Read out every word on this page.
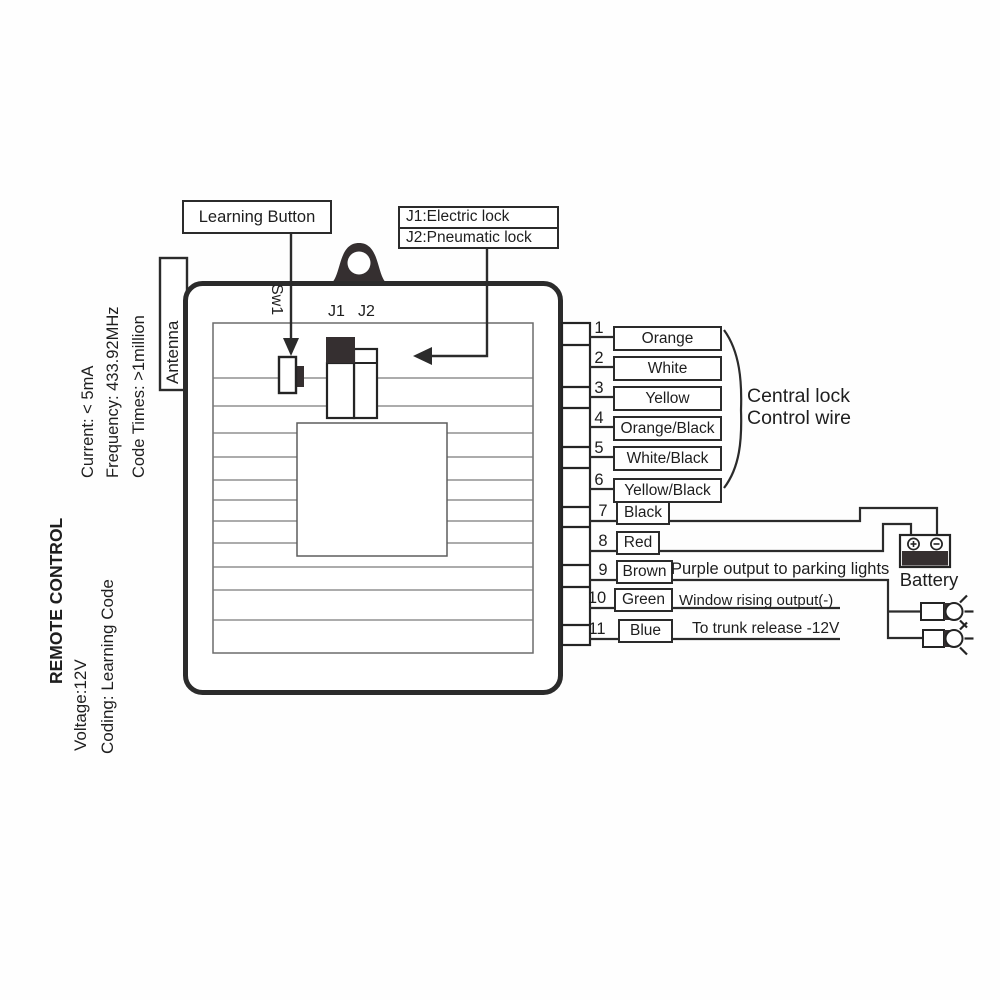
Learning Button	J1:Electric lock
J2:Pneumatic lock
Sw1	J1 J2
Antenna
Current: < 5mA Frequency: 433.92MHz Code Times: >1million
REMOTE CONTROL
Voltage:12V Coding: Learning Code
1
2
3
4
5
6
7
8
9
10
11
Orange
White
Yellow
Orange/Black
White/Black
Yellow/Black
Black
Red
Brown
Green
Blue
Purple output to parking lights
Window rising output(-)
To trunk release -12V
Central lock
Control wire
Battery
